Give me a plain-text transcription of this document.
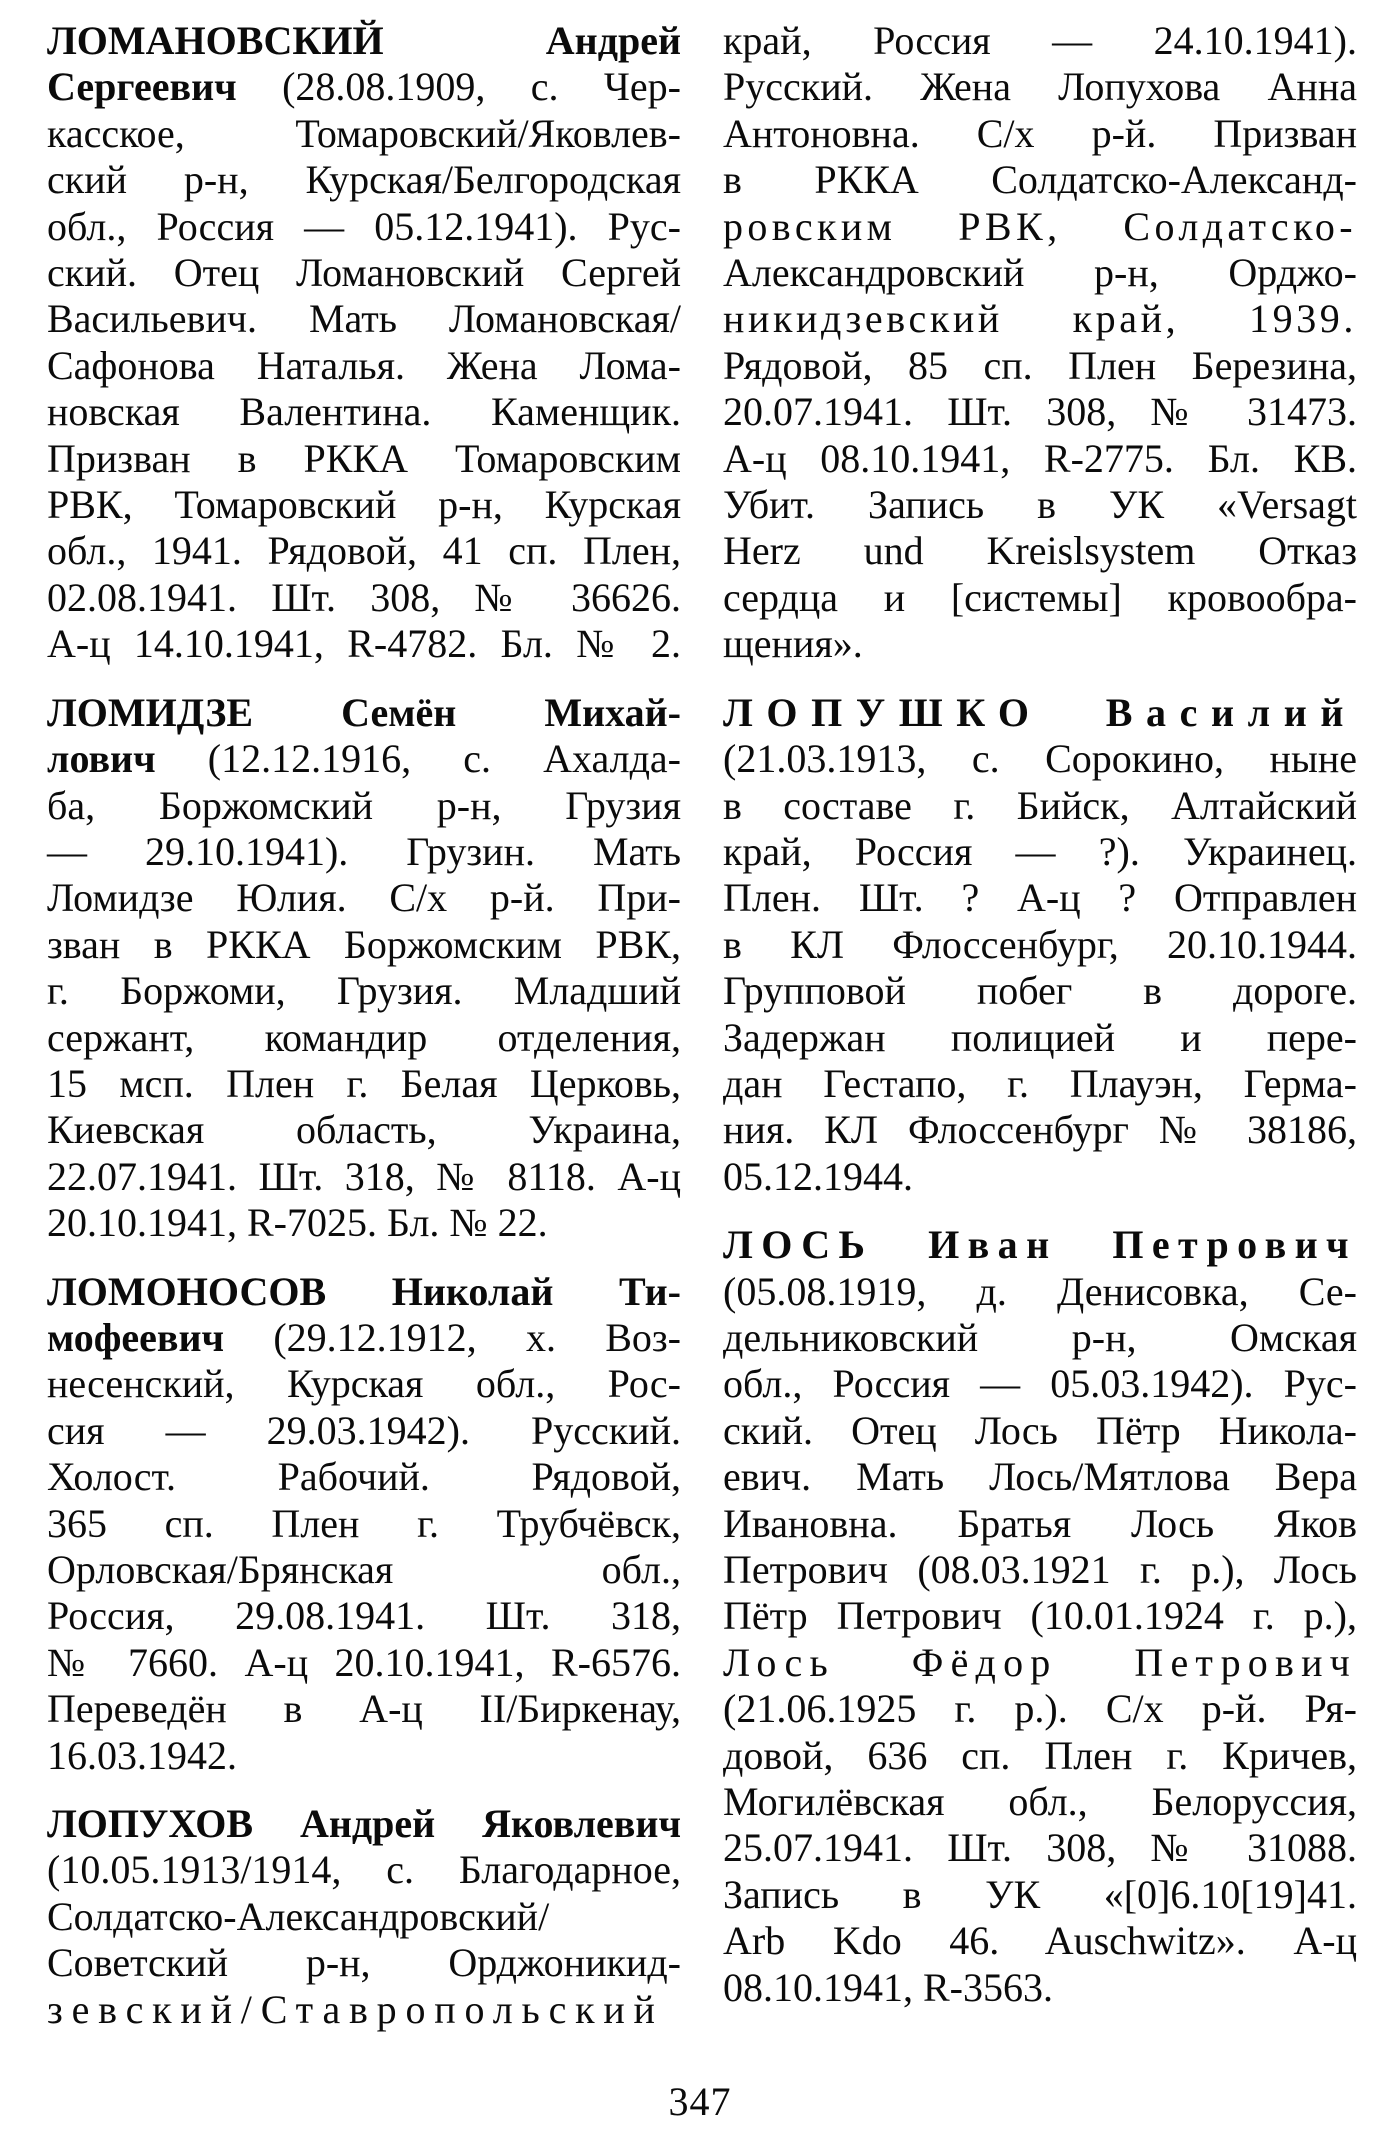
ЛОМАНОВСКИЙ Андрей
Сергеевич (28.08.1909, с. Чер-
касское, Томаровский/Яковлев-
ский р-н, Курская/Белгородская
обл., Россия — 05.12.1941). Рус-
ский. Отец Ломановский Сергей
Васильевич. Мать Ломановская/
Сафонова Наталья. Жена Лома-
новская Валентина. Каменщик.
Призван в РККА Томаровским
РВК, Томаровский р-н, Курская
обл., 1941. Рядовой, 41 сп. Плен,
02.08.1941. Шт. 308, № 36626.
А-ц 14.10.1941, R-4782. Бл. № 2.
ЛОМИДЗЕ Семён Михай-
лович (12.12.1916, с. Ахалда-
ба, Боржомский р-н, Грузия
— 29.10.1941). Грузин. Мать
Ломидзе Юлия. С/х р-й. При-
зван в РККА Боржомским РВК,
г. Боржоми, Грузия. Младший
сержант, командир отделения,
15 мсп. Плен г. Белая Церковь,
Киевская область, Украина,
22.07.1941. Шт. 318, № 8118. А-ц
20.10.1941, R-7025. Бл. № 22.
ЛОМОНОСОВ Николай Ти-
мофеевич (29.12.1912, х. Воз-
несенский, Курская обл., Рос-
сия — 29.03.1942). Русский.
Холост. Рабочий. Рядовой,
365 сп. Плен г. Трубчёвск,
Орловская/Брянская обл.,
Россия, 29.08.1941. Шт. 318,
№ 7660. А-ц 20.10.1941, R-6576.
Переведён в А-ц II/Биркенау,
16.03.1942.
ЛОПУХОВ Андрей Яковлевич
(10.05.1913/1914, с. Благодарное,
Солдатско-Александровский/
Советский р-н, Орджоникид-
зевский/Ставропольский
край, Россия — 24.10.1941).
Русский. Жена Лопухова Анна
Антоновна. С/х р-й. Призван
в РККА Солдатско-Александ-
ровским РВК, Солдатско-
Александровский р-н, Орджо-
никидзевский край, 1939.
Рядовой, 85 сп. Плен Березина,
20.07.1941. Шт. 308, № 31473.
А-ц 08.10.1941, R-2775. Бл. КВ.
Убит. Запись в УК «Versagt
Herz und Kreislsystem Отказ
сердца и [системы] кровообра-
щения».
ЛОПУШКО Василий
(21.03.1913, с. Сорокино, ныне
в составе г. Бийск, Алтайский
край, Россия — ?). Украинец.
Плен. Шт. ? А-ц ? Отправлен
в КЛ Флоссенбург, 20.10.1944.
Групповой побег в дороге.
Задержан полицией и пере-
дан Гестапо, г. Плауэн, Герма-
ния. КЛ Флоссенбург № 38186,
05.12.1944.
ЛОСЬ Иван Петрович
(05.08.1919, д. Денисовка, Се-
дельниковский р-н, Омская
обл., Россия — 05.03.1942). Рус-
ский. Отец Лось Пётр Никола-
евич. Мать Лось/Мятлова Вера
Ивановна. Братья Лось Яков
Петрович (08.03.1921 г. р.), Лось
Пётр Петрович (10.01.1924 г. р.),
Лось Фёдор Петрович
(21.06.1925 г. р.). С/х р-й. Ря-
довой, 636 сп. Плен г. Кричев,
Могилёвская обл., Белоруссия,
25.07.1941. Шт. 308, № 31088.
Запись в УК «[0]6.10[19]41.
Arb Kdo 46. Auschwitz». А-ц
08.10.1941, R-3563.
347
